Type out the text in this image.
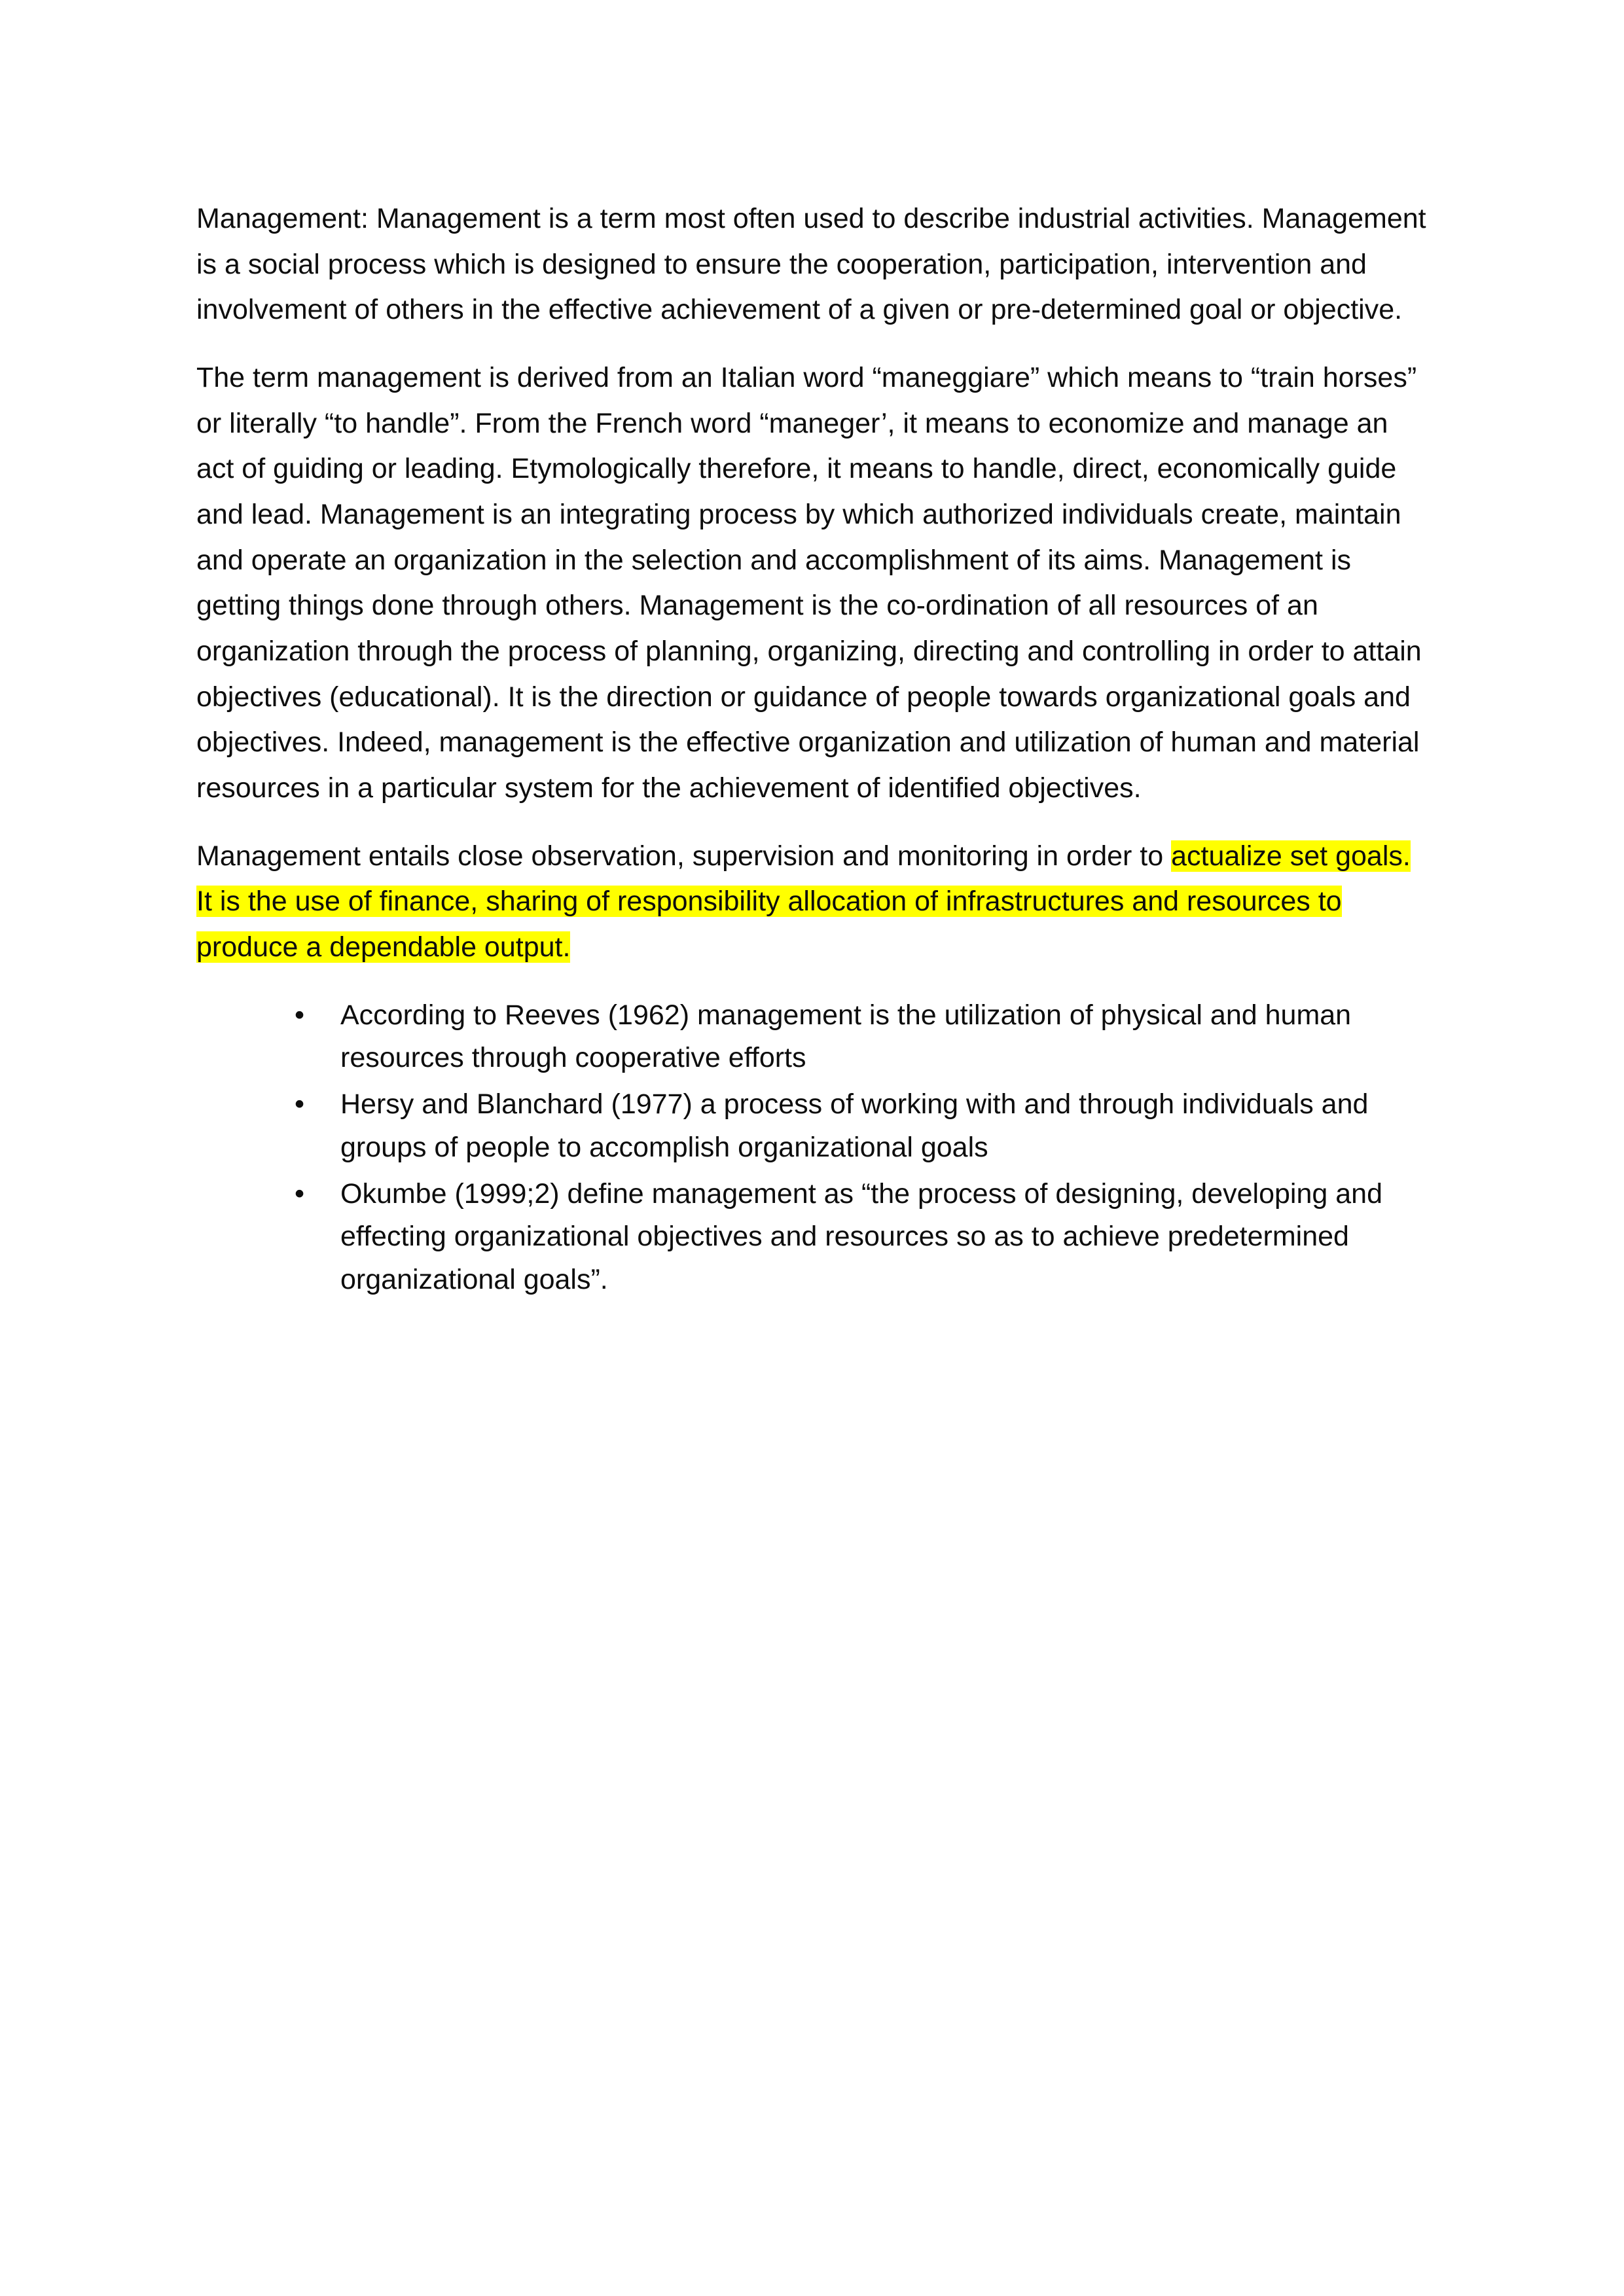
Management: Management is a term most often used to describe industrial activities. Management is a social process which is designed to ensure the cooperation, participation, intervention and involvement of others in the effective achievement of a given or pre-determined goal or objective.

The term management is derived from an Italian word “maneggiare” which means to “train horses” or literally “to handle”. From the French word “maneger’, it means to economize and manage an act of guiding or leading. Etymologically therefore, it means to handle, direct, economically guide and lead. Management is an integrating process by which authorized individuals create, maintain and operate an organization in the selection and accomplishment of its aims. Management is getting things done through others. Management is the co-ordination of all resources of an organization through the process of planning, organizing, directing and controlling in order to attain objectives (educational). It is the direction or guidance of people towards organizational goals and objectives. Indeed, management is the effective organization and utilization of human and material resources in a particular system for the achievement of identified objectives.

Management entails close observation, supervision and monitoring in order to actualize set goals. It is the use of finance, sharing of responsibility allocation of infrastructures and resources to produce a dependable output.

• According to Reeves (1962) management is the utilization of physical and human resources through cooperative efforts
• Hersy and Blanchard (1977) a process of working with and through individuals and groups of people to accomplish organizational goals
• Okumbe (1999;2) define management as “the process of designing, developing and effecting organizational objectives and resources so as to achieve predetermined organizational goals”.
